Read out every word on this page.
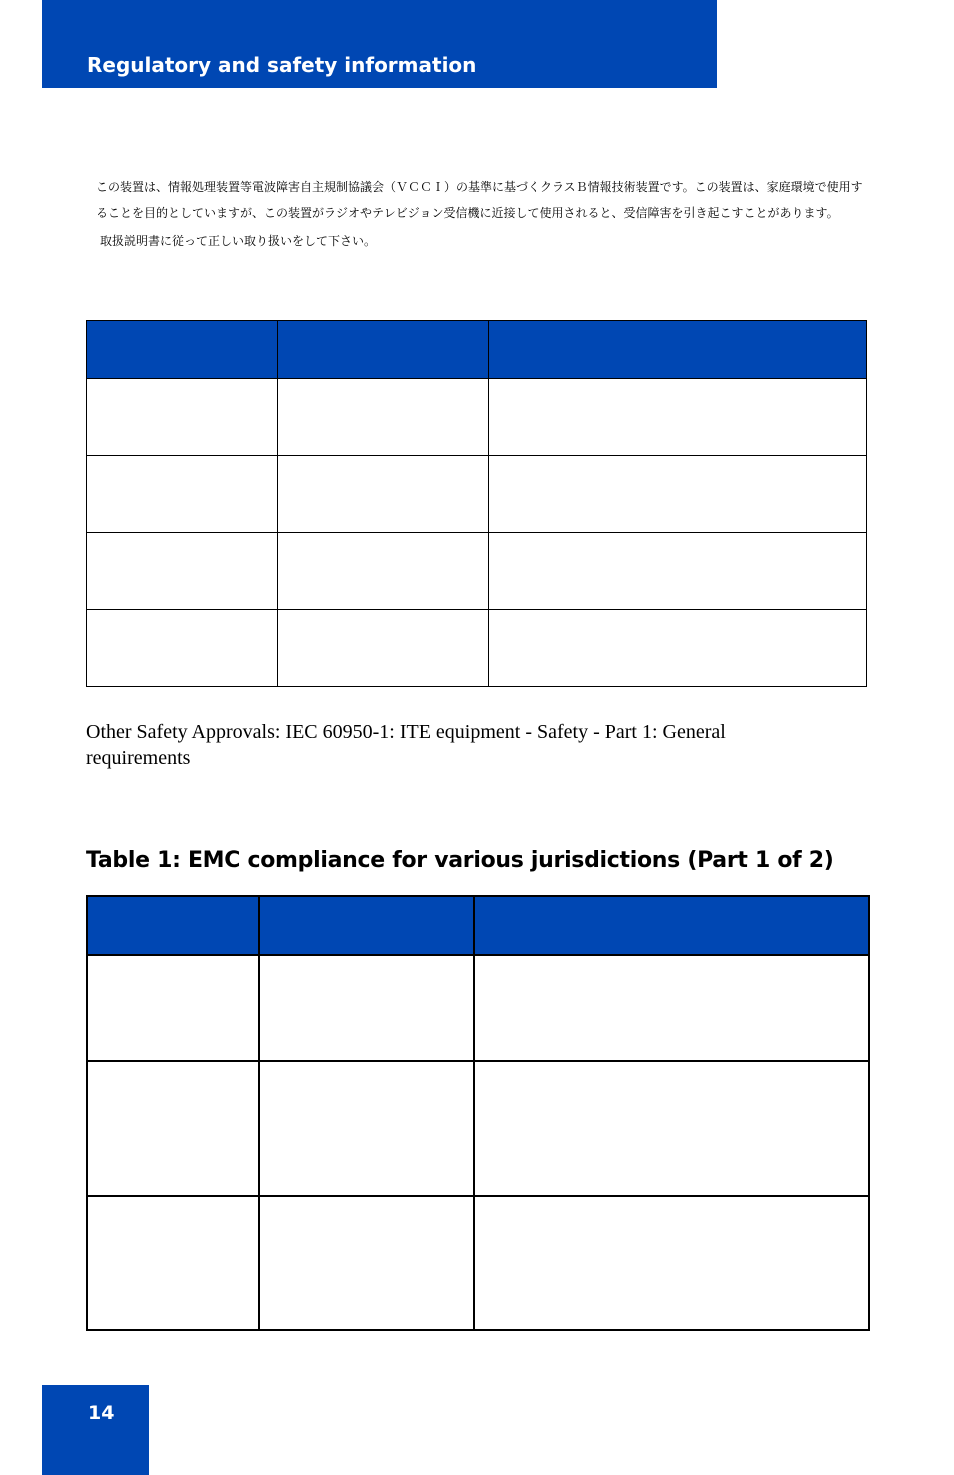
Regulatory and safety information

この装置は、情報処理装置等電波障害自主規制協議会（ＶＣＣＩ）の基準に基づくクラスＢ情報技術装置です。この装置は、家庭環境で使用することを目的としていますが、この装置がラジオやテレビジョン受信機に近接して使用されると、受信障害を引き起こすことがあります。

取扱説明書に従って正しい取り扱いをして下さい。

Other Safety Approvals: IEC 60950-1: ITE equipment - Safety - Part 1: General requirements

Table 1: EMC compliance for various jurisdictions (Part 1 of 2)

14
